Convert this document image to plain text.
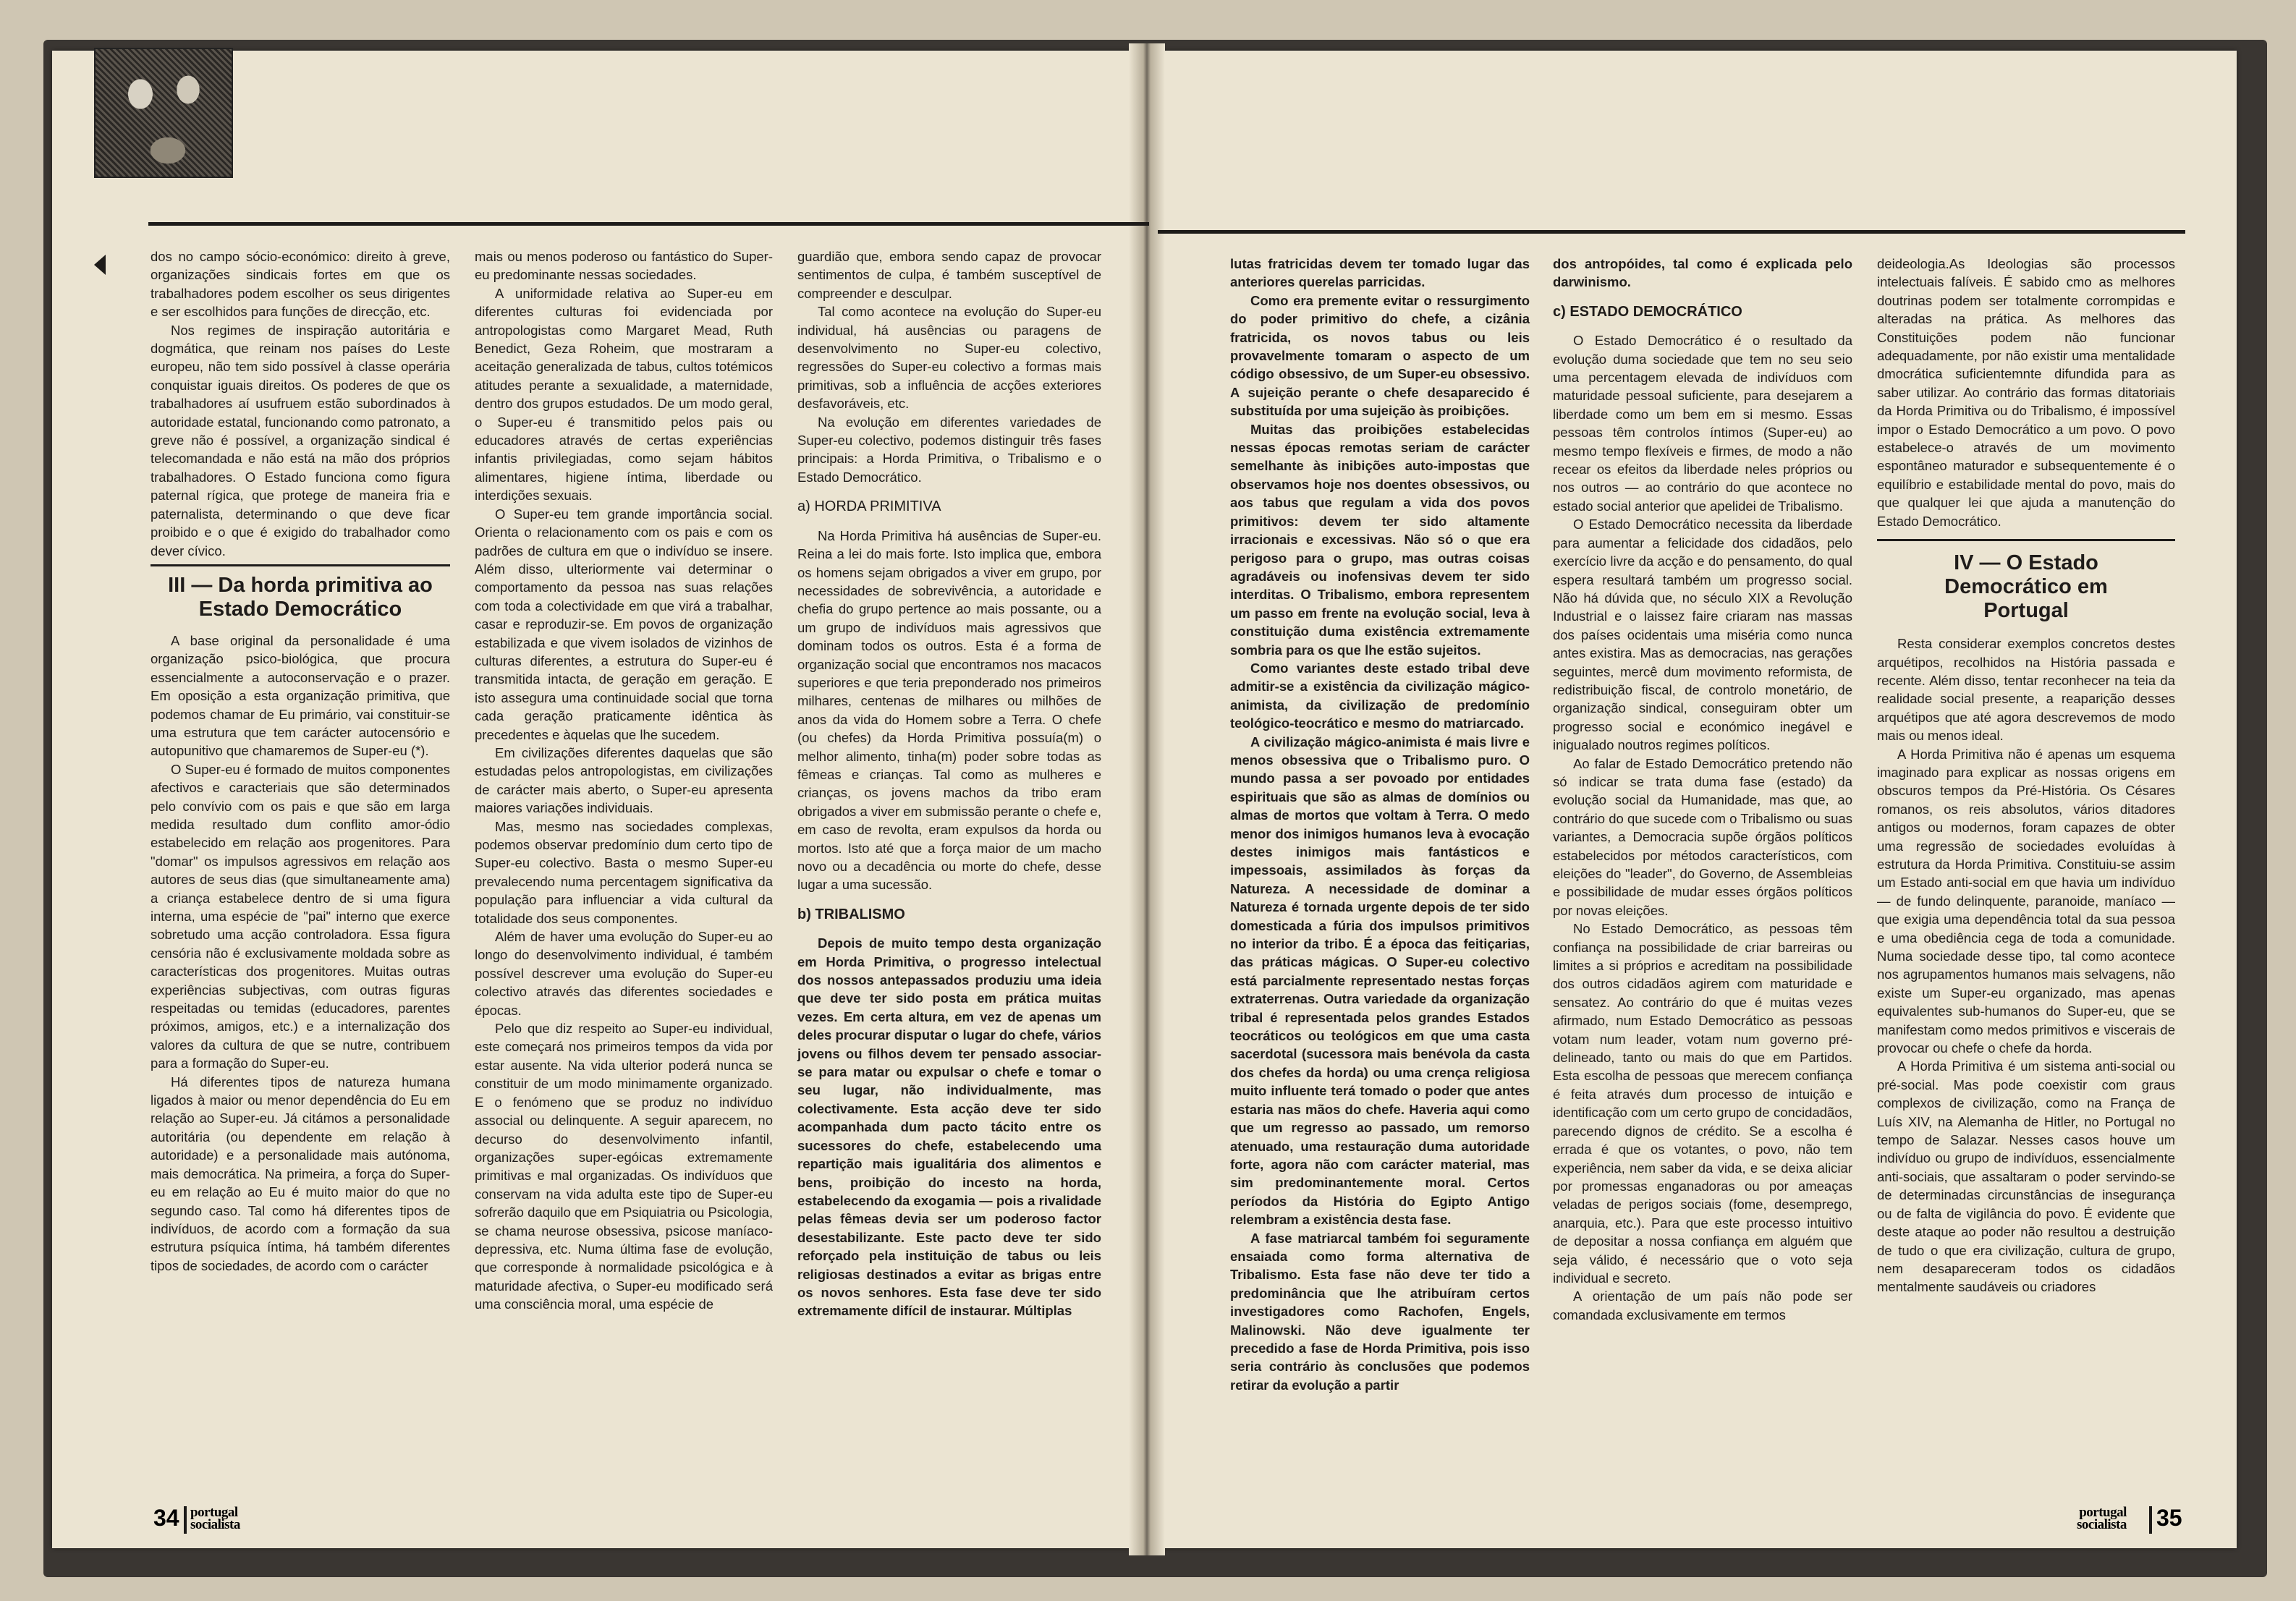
dos no campo sócio-económico: direito à greve, organizações sindicais fortes em que os trabalhadores podem escolher os seus dirigentes e ser escolhidos para funções de direcção, etc.

Nos regimes de inspiração autoritária e dogmática, que reinam nos países do Leste europeu, não tem sido possível à classe operária conquistar iguais direitos. Os poderes de que os trabalhadores aí usufruem estão subordinados à autoridade estatal, funcionando como patronato, a greve não é possível, a organização sindical é telecomandada e não está na mão dos próprios trabalhadores. O Estado funciona como figura paternal rígica, que protege de maneira fria e paternalista, determinando o que deve ficar proibido e o que é exigido do trabalhador como dever cívico.

III — Da horda primitiva ao Estado Democrático

A base original da personalidade é uma organização psico-biológica, que procura essencialmente a autoconservação e o prazer. Em oposição a esta organização primitiva, que podemos chamar de Eu primário, vai constituir-se uma estrutura que tem carácter autocensório e autopunitivo que chamaremos de Super-eu (*).

O Super-eu é formado de muitos componentes afectivos e caracteriais que são determinados pelo convívio com os pais e que são em larga medida resultado dum conflito amor-ódio estabelecido em relação aos progenitores. Para "domar" os impulsos agressivos em relação aos autores de seus dias (que simultaneamente ama) a criança estabelece dentro de si uma figura interna, uma espécie de "pai" interno que exerce sobretudo uma acção controladora. Essa figura censória não é exclusivamente moldada sobre as características dos progenitores. Muitas outras experiências subjectivas, com outras figuras respeitadas ou temidas (educadores, parentes próximos, amigos, etc.) e a internalização dos valores da cultura de que se nutre, contribuem para a formação do Super-eu.

Há diferentes tipos de natureza humana ligados à maior ou menor dependência do Eu em relação ao Super-eu. Já citámos a personalidade autoritária (ou dependente em relação à autoridade) e a personalidade mais autónoma, mais democrática. Na primeira, a força do Super-eu em relação ao Eu é muito maior do que no segundo caso. Tal como há diferentes tipos de indivíduos, de acordo com a formação da sua estrutura psíquica íntima, há também diferentes tipos de sociedades, de acordo com o carácter

mais ou menos poderoso ou fantástico do Super-eu predominante nessas sociedades.

A uniformidade relativa ao Super-eu em diferentes culturas foi evidenciada por antropologistas como Margaret Mead, Ruth Benedict, Geza Roheim, que mostraram a aceitação generalizada de tabus, cultos totémicos atitudes perante a sexualidade, a maternidade, dentro dos grupos estudados. De um modo geral, o Super-eu é transmitido pelos pais ou educadores através de certas experiências infantis privilegiadas, como sejam hábitos alimentares, higiene íntima, liberdade ou interdições sexuais.

O Super-eu tem grande importância social. Orienta o relacionamento com os pais e com os padrões de cultura em que o indivíduo se insere. Além disso, ulteriormente vai determinar o comportamento da pessoa nas suas relações com toda a colectividade em que virá a trabalhar, casar e reproduzir-se. Em povos de organização estabilizada e que vivem isolados de vizinhos de culturas diferentes, a estrutura do Super-eu é transmitida intacta, de geração em geração. E isto assegura uma continuidade social que torna cada geração praticamente idêntica às precedentes e àquelas que lhe sucedem.

Em civilizações diferentes daquelas que são estudadas pelos antropologistas, em civilizações de carácter mais aberto, o Super-eu apresenta maiores variações individuais.

Mas, mesmo nas sociedades complexas, podemos observar predomínio dum certo tipo de Super-eu colectivo. Basta o mesmo Super-eu prevalecendo numa percentagem significativa da população para influenciar a vida cultural da totalidade dos seus componentes.

Além de haver uma evolução do Super-eu ao longo do desenvolvimento individual, é também possível descrever uma evolução do Super-eu colectivo através das diferentes sociedades e épocas.

Pelo que diz respeito ao Super-eu individual, este começará nos primeiros tempos da vida por estar ausente. Na vida ulterior poderá nunca se constituir de um modo minimamente organizado. E o fenómeno que se produz no indivíduo associal ou delinquente. A seguir aparecem, no decurso do desenvolvimento infantil, organizações super-egóicas extremamente primitivas e mal organizadas. Os indivíduos que conservam na vida adulta este tipo de Super-eu sofrerão daquilo que em Psiquiatria ou Psicologia, se chama neurose obsessiva, psicose maníaco-depressiva, etc. Numa última fase de evolução, que corresponde à normalidade psicológica e à maturidade afectiva, o Super-eu modificado será uma consciência moral, uma espécie de

guardião que, embora sendo capaz de provocar sentimentos de culpa, é também susceptível de compreender e desculpar.

Tal como acontece na evolução do Super-eu individual, há ausências ou paragens de desenvolvimento no Super-eu colectivo, regressões do Super-eu colectivo a formas mais primitivas, sob a influência de acções exteriores desfavoráveis, etc.

Na evolução em diferentes variedades de Super-eu colectivo, podemos distinguir três fases principais: a Horda Primitiva, o Tribalismo e o Estado Democrático.

a) HORDA PRIMITIVA

Na Horda Primitiva há ausências de Super-eu. Reina a lei do mais forte. Isto implica que, embora os homens sejam obrigados a viver em grupo, por necessidades de sobrevivência, a autoridade e chefia do grupo pertence ao mais possante, ou a um grupo de indivíduos mais agressivos que dominam todos os outros. Esta é a forma de organização social que encontramos nos macacos superiores e que teria preponderado nos primeiros milhares, centenas de milhares ou milhões de anos da vida do Homem sobre a Terra. O chefe (ou chefes) da Horda Primitiva possuía(m) o melhor alimento, tinha(m) poder sobre todas as fêmeas e crianças. Tal como as mulheres e crianças, os jovens machos da tribo eram obrigados a viver em submissão perante o chefe e, em caso de revolta, eram expulsos da horda ou mortos. Isto até que a força maior de um macho novo ou a decadência ou morte do chefe, desse lugar a uma sucessão.

b) TRIBALISMO

Depois de muito tempo desta organização em Horda Primitiva, o progresso intelectual dos nossos antepassados produziu uma ideia que deve ter sido posta em prática muitas vezes. Em certa altura, em vez de apenas um deles procurar disputar o lugar do chefe, vários jovens ou filhos devem ter pensado associar-se para matar ou expulsar o chefe e tomar o seu lugar, não individualmente, mas colectivamente. Esta acção deve ter sido acompanhada dum pacto tácito entre os sucessores do chefe, estabelecendo uma repartição mais igualitária dos alimentos e bens, proibição do incesto na horda, estabelecendo da exogamia — pois a rivalidade pelas fêmeas devia ser um poderoso factor desestabilizante. Este pacto deve ter sido reforçado pela instituição de tabus ou leis religiosas destinados a evitar as brigas entre os novos senhores. Esta fase deve ter sido extremamente difícil de instaurar. Múltiplas

34 portugal
socialista

lutas fratricidas devem ter tomado lugar das anteriores querelas parricidas.

Como era premente evitar o ressurgimento do poder primitivo do chefe, a cizânia fratricida, os novos tabus ou leis provavelmente tomaram o aspecto de um código obsessivo, de um Super-eu obsessivo. A sujeição perante o chefe desaparecido é substituída por uma sujeição às proibições.

Muitas das proibições estabelecidas nessas épocas remotas seriam de carácter semelhante às inibições auto-impostas que observamos hoje nos doentes obsessivos, ou aos tabus que regulam a vida dos povos primitivos: devem ter sido altamente irracionais e excessivas. Não só o que era perigoso para o grupo, mas outras coisas agradáveis ou inofensivas devem ter sido interditas. O Tribalismo, embora representem um passo em frente na evolução social, leva à constituição duma existência extremamente sombria para os que lhe estão sujeitos.

Como variantes deste estado tribal deve admitir-se a existência da civilização mágico-animista, da civilização de predomínio teológico-teocrático e mesmo do matriarcado.

A civilização mágico-animista é mais livre e menos obsessiva que o Tribalismo puro. O mundo passa a ser povoado por entidades espirituais que são as almas de domínios ou almas de mortos que voltam à Terra. O medo menor dos inimigos humanos leva à evocação destes inimigos mais fantásticos e impessoais, assimilados às forças da Natureza. A necessidade de dominar a Natureza é tornada urgente depois de ter sido domesticada a fúria dos impulsos primitivos no interior da tribo. É a época das feitiçarias, das práticas mágicas. O Super-eu colectivo está parcialmente representado nestas forças extraterrenas. Outra variedade da organização tribal é representada pelos grandes Estados teocráticos ou teológicos em que uma casta sacerdotal (sucessora mais benévola da casta dos chefes da horda) ou uma crença religiosa muito influente terá tomado o poder que antes estaria nas mãos do chefe. Haveria aqui como que um regresso ao passado, um remorso atenuado, uma restauração duma autoridade forte, agora não com carácter material, mas sim predominantemente moral. Certos períodos da História do Egipto Antigo relembram a existência desta fase.

A fase matriarcal também foi seguramente ensaiada como forma alternativa de Tribalismo. Esta fase não deve ter tido a predominância que lhe atribuíram certos investigadores como Rachofen, Engels, Malinowski. Não deve igualmente ter precedido a fase de Horda Primitiva, pois isso seria contrário às conclusões que podemos retirar da evolução a partir

dos antropóides, tal como é explicada pelo darwinismo.

c) ESTADO DEMOCRÁTICO

O Estado Democrático é o resultado da evolução duma sociedade que tem no seu seio uma percentagem elevada de indivíduos com maturidade pessoal suficiente, para desejarem a liberdade como um bem em si mesmo. Essas pessoas têm controlos íntimos (Super-eu) ao mesmo tempo flexíveis e firmes, de modo a não recear os efeitos da liberdade neles próprios ou nos outros — ao contrário do que acontece no estado social anterior que apelidei de Tribalismo.

O Estado Democrático necessita da liberdade para aumentar a felicidade dos cidadãos, pelo exercício livre da acção e do pensamento, do qual espera resultará também um progresso social. Não há dúvida que, no século XIX a Revolução Industrial e o laissez faire criaram nas massas dos países ocidentais uma miséria como nunca antes existira. Mas as democracias, nas gerações seguintes, mercê dum movimento reformista, de redistribuição fiscal, de controlo monetário, de organização sindical, conseguiram obter um progresso social e económico inegável e inigualado noutros regimes políticos.

Ao falar de Estado Democrático pretendo não só indicar se trata duma fase (estado) da evolução social da Humanidade, mas que, ao contrário do que sucede com o Tribalismo ou suas variantes, a Democracia supõe órgãos políticos estabelecidos por métodos característicos, com eleições do "leader", do Governo, de Assembleias e possibilidade de mudar esses órgãos políticos por novas eleições.

No Estado Democrático, as pessoas têm confiança na possibilidade de criar barreiras ou limites a si próprios e acreditam na possibilidade dos outros cidadãos agirem com maturidade e sensatez. Ao contrário do que é muitas vezes afirmado, num Estado Democrático as pessoas votam num leader, votam num governo pré-delineado, tanto ou mais do que em Partidos. Esta escolha de pessoas que merecem confiança é feita através dum processo de intuição e identificação com um certo grupo de concidadãos, parecendo dignos de crédito. Se a escolha é errada é que os votantes, o povo, não tem experiência, nem saber da vida, e se deixa aliciar por promessas enganadoras ou por ameaças veladas de perigos sociais (fome, desemprego, anarquia, etc.). Para que este processo intuitivo de depositar a nossa confiança em alguém que seja válido, é necessário que o voto seja individual e secreto.

A orientação de um país não pode ser comandada exclusivamente em termos

deideologia.As Ideologias são processos intelectuais falíveis. É sabido cmo as melhores doutrinas podem ser totalmente corrompidas e alteradas na prática. As melhores das Constituições podem não funcionar adequadamente, por não existir uma mentalidade dmocrática suficientemnte difundida para as saber utilizar. Ao contrário das formas ditatoriais da Horda Primitiva ou do Tribalismo, é impossível impor o Estado Democrático a um povo. O povo estabelece-o através de um movimento espontâneo maturador e subsequentemente é o equilíbrio e estabilidade mental do povo, mais do que qualquer lei que ajuda a manutenção do Estado Democrático.

IV — O Estado Democrático em Portugal

Resta considerar exemplos concretos destes arquétipos, recolhidos na História passada e recente. Além disso, tentar reconhecer na teia da realidade social presente, a reaparição desses arquétipos que até agora descrevemos de modo mais ou menos ideal.

A Horda Primitiva não é apenas um esquema imaginado para explicar as nossas origens em obscuros tempos da Pré-História. Os Césares romanos, os reis absolutos, vários ditadores antigos ou modernos, foram capazes de obter uma regressão de sociedades evoluídas à estrutura da Horda Primitiva. Constituiu-se assim um Estado anti-social em que havia um indivíduo — de fundo delinquente, paranoide, maníaco — que exigia uma dependência total da sua pessoa e uma obediência cega de toda a comunidade. Numa sociedade desse tipo, tal como acontece nos agrupamentos humanos mais selvagens, não existe um Super-eu organizado, mas apenas equivalentes sub-humanos do Super-eu, que se manifestam como medos primitivos e viscerais de provocar ou chefe o chefe da horda.

A Horda Primitiva é um sistema anti-social ou pré-social. Mas pode coexistir com graus complexos de civilização, como na França de Luís XIV, na Alemanha de Hitler, no Portugal no tempo de Salazar. Nesses casos houve um indivíduo ou grupo de indivíduos, essencialmente anti-sociais, que assaltaram o poder servindo-se de determinadas circunstâncias de insegurança ou de falta de vigilância do povo. É evidente que deste ataque ao poder não resultou a destruição de tudo o que era civilização, cultura de grupo, nem desapareceram todos os cidadãos mentalmente saudáveis ou criadores

portugal
socialista 35
